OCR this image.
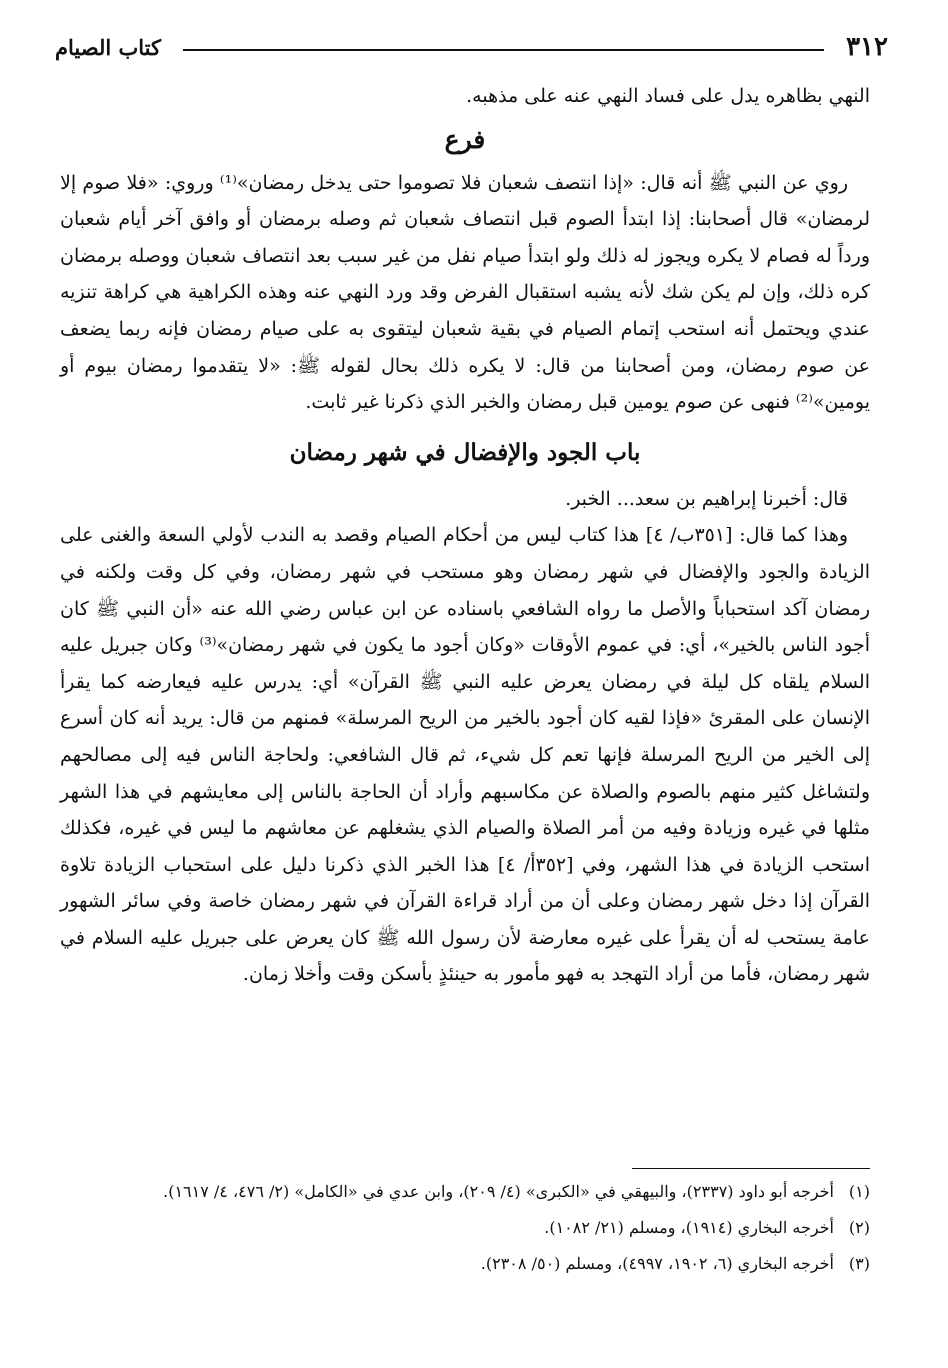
٣١٢
كتاب الصيام

النهي بظاهره يدل على فساد النهي عنه على مذهبه.

فرع

روي عن النبي ﷺ أنه قال: «إذا انتصف شعبان فلا تصوموا حتى يدخل رمضان»⁽¹⁾ وروي: «فلا صوم إلا لرمضان» قال أصحابنا: إذا ابتدأ الصوم قبل انتصاف شعبان ثم وصله برمضان أو وافق آخر أيام شعبان ورداً له فصام لا يكره ويجوز له ذلك ولو ابتدأ صيام نفل من غير سبب بعد انتصاف شعبان ووصله برمضان كره ذلك، وإن لم يكن شك لأنه يشبه استقبال الفرض وقد ورد النهي عنه وهذه الكراهية هي كراهة تنزيه عندي ويحتمل أنه استحب إتمام الصيام في بقية شعبان ليتقوى به على صيام رمضان فإنه ربما يضعف عن صوم رمضان، ومن أصحابنا من قال: لا يكره ذلك بحال لقوله ﷺ: «لا يتقدموا رمضان بيوم أو يومين»⁽²⁾ فنهى عن صوم يومين قبل رمضان والخبر الذي ذكرنا غير ثابت.

باب الجود والإفضال في شهر رمضان

قال: أخبرنا إبراهيم بن سعد... الخبر.

وهذا كما قال: [٣٥١ب/ ٤] هذا كتاب ليس من أحكام الصيام وقصد به الندب لأولي السعة والغنى على الزيادة والجود والإفضال في شهر رمضان وهو مستحب في شهر رمضان، وفي كل وقت ولكنه في رمضان آكد استحباباً والأصل ما رواه الشافعي باسناده عن ابن عباس رضي الله عنه «أن النبي ﷺ كان أجود الناس بالخير»، أي: في عموم الأوقات «وكان أجود ما يكون في شهر رمضان»⁽³⁾ وكان جبريل عليه السلام يلقاه كل ليلة في رمضان يعرض عليه النبي ﷺ القرآن» أي: يدرس عليه فيعارضه كما يقرأ الإنسان على المقرئ «فإذا لقيه كان أجود بالخير من الريح المرسلة» فمنهم من قال: يريد أنه كان أسرع إلى الخير من الريح المرسلة فإنها تعم كل شيء، ثم قال الشافعي: ولحاجة الناس فيه إلى مصالحهم ولتشاغل كثير منهم بالصوم والصلاة عن مكاسبهم وأراد أن الحاجة بالناس إلى معايشهم في هذا الشهر مثلها في غيره وزيادة وفيه من أمر الصلاة والصيام الذي يشغلهم عن معاشهم ما ليس في غيره، فكذلك استحب الزيادة في هذا الشهر، وفي [٣٥٢أ/ ٤] هذا الخبر الذي ذكرنا دليل على استحباب الزيادة تلاوة القرآن إذا دخل شهر رمضان وعلى أن من أراد قراءة القرآن في شهر رمضان خاصة وفي سائر الشهور عامة يستحب له أن يقرأ على غيره معارضة لأن رسول الله ﷺ كان يعرض على جبريل عليه السلام في شهر رمضان، فأما من أراد التهجد به فهو مأمور به حينئذٍ بأسكن وقت وأخلا زمان.

(١)
أخرجه أبو داود (٢٣٣٧)، والبيهقي في «الكبرى» (٤/ ٢٠٩)، وابن عدي في «الكامل» (٢/ ٤٧٦، ٤/ ١٦١٧).
(٢)
أخرجه البخاري (١٩١٤)، ومسلم (٢١/ ١٠٨٢).
(٣)
أخرجه البخاري (٦، ١٩٠٢، ٤٩٩٧)، ومسلم (٥٠/ ٢٣٠٨).
